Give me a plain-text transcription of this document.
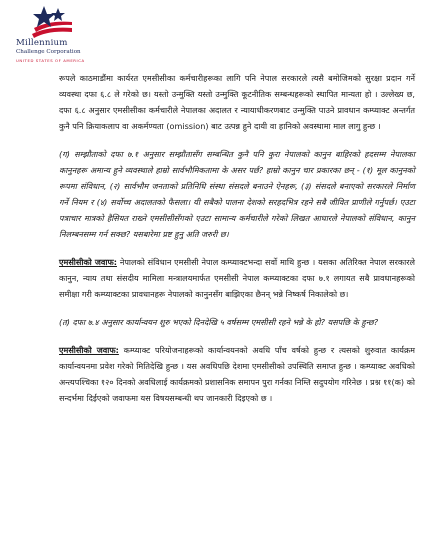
Millennium
Challenge Corporation
UNITED STATES OF AMERICA

रूपले काठमाडौंमा कार्यरत एमसीसीका कर्मचारीहरूका लागि पनि नेपाल सरकारले त्यसै बमोजिमको सुरक्षा प्रदान गर्ने व्यवस्था दफा ६.८ ले गरेको छ। यस्तो उन्मुक्ति यस्तो उन्मुक्ति कूटनीतिक सम्बन्धहरूको स्थापित मान्यता हो । उल्लेख्य छ, दफा ६.८ अनुसार एमसीसीका कर्मचारीले नेपालका अदालत र न्यायाधीकरणबाट उन्मुक्ति पाउने प्रावधान कम्प्याक्ट अन्तर्गत कुनै पनि क्रियाकलाप वा अकर्मण्यता (omission) बाट उत्पन्न हुने दायी वा हानिको अवस्थामा माल लागु हुन्छ ।

(ग) सम्झौताको दफा ७.१ अनुसार सम्झौतासँग सम्बन्धित कुनै पनि कुरा नेपालको कानुन बाहिरको हदसम्म नेपालका कानुनहरू अमान्य हुने व्यवस्थाले हाम्रो सार्वभौमिकतामा के असर पर्छ? हाम्रो कानुन चार प्रकारका छन् - (१) मूल कानुनको रूपमा संविधान, (२) सार्वभौम जनताको प्रतिनिधि संस्था संसदले बनाउने ऐनहरू, (३) संसदले बनाएको सरकारले निर्माण गर्ने नियम र (४) सर्वोच्च अदालतको फैसला। यी सबैको पालना देशको सरहदभित्र रहने सबै जीवित प्राणीले गर्नुपर्छ। एउटा पत्राचार मात्रको हैसियत राख्ने एमसीसीसँगको एउटा सामान्य कर्मचारीले गरेको लिखत आधारले नेपालको संविधान, कानुन निलम्बनसम्म गर्न सक्छ? यसबारेमा प्रष्ट हुनु अति जरुरी छ।

एमसीसीको जवाफ: नेपालको संविधान एमसीसी नेपाल कम्प्याक्टभन्दा सर्वो माथि हुन्छ । यसका अतिरिक्त नेपाल सरकारले कानुन, न्याय तथा संसदीय मामिला मन्त्रालयमार्फत एमसीसी नेपाल कम्प्याक्टका दफा ७.१ लगायत सबै प्रावधानहरूको समीक्षा गरी कम्प्याक्टका प्रावधानहरू नेपालको कानुनसँग बाझिएका छैनन् भन्ने निष्कर्ष निकालेको छ।

(त) दफा ७.४ अनुसार कार्यान्वयन शुरु भएको दिनदेखि ५ वर्षसम्म एमसीसी रहने भन्ने के हो? यसपछि के हुन्छ?

एमसीसीको जवाफ: कम्प्याक्ट परियोजनाहरूको कार्यान्वयनको अवधि पाँच वर्षको हुन्छ र त्यसको शुरुवात कार्यक्रम कार्यान्वयनमा प्रवेश गरेको मितिदेखि हुन्छ । यस अवधिपछि देशमा एमसीसीको उपस्थिति समाप्त हुन्छ । कम्प्याक्ट अवधिको अन्त्यपश्चिका १२० दिनको अवधिलाई कार्यक्रमको प्रशासनिक समापन पुरा गर्नका निम्ति सदुपयोग गरिनेछ । प्रश्न ११(क) को सन्दर्भमा दिईएको जवाफमा यस विषयसम्बन्धी थप जानकारी दिइएको छ ।
